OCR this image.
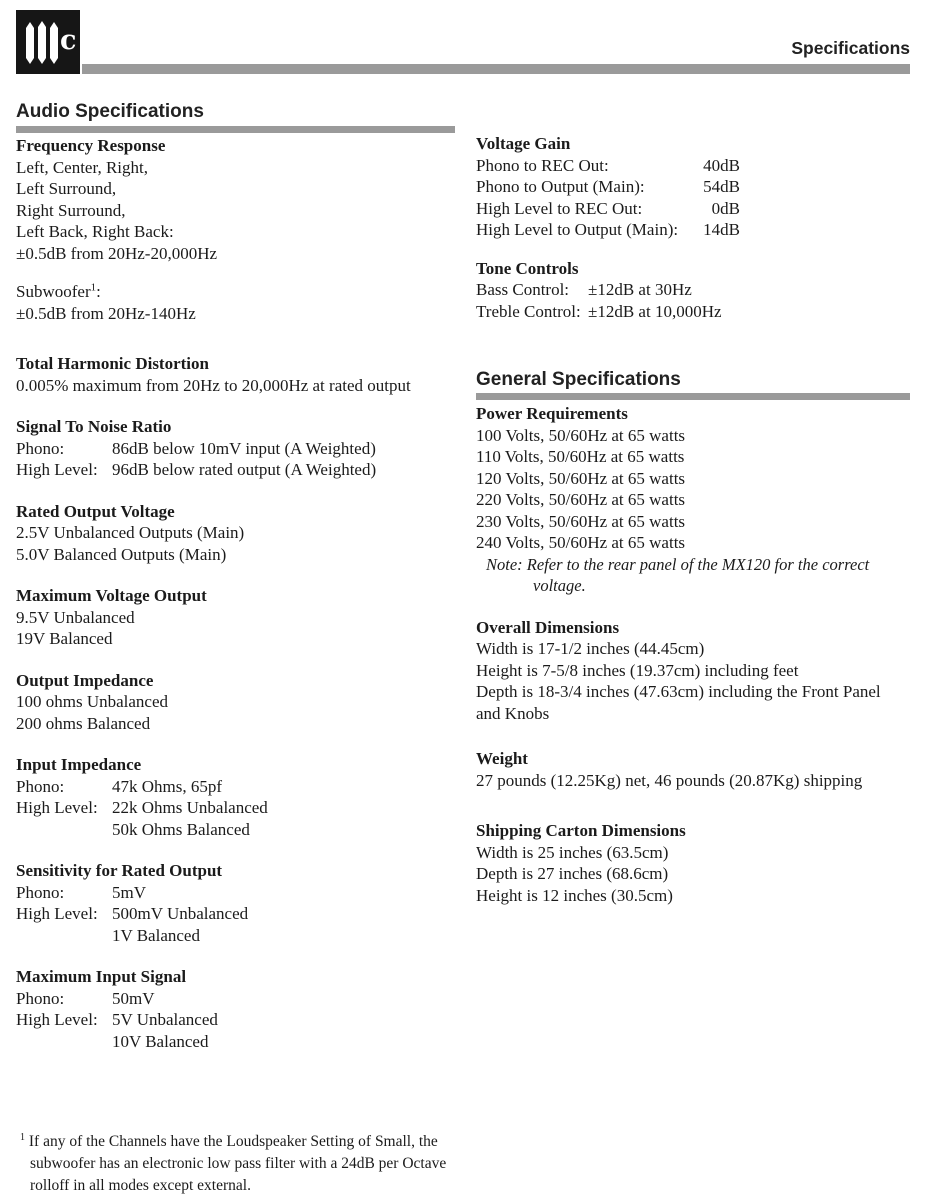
c	Specifications
Audio Specifications
Frequency Response
Left, Center, Right,
Left Surround,
Right Surround,
Left Back, Right Back:
±0.5dB from 20Hz-20,000Hz
Subwoofer$^1$:
±0.5dB from 20Hz-140Hz
Total Harmonic Distortion
0.005% maximum from 20Hz to 20,000Hz at rated output
Signal To Noise Ratio
Phono:	86dB below 10mV input (A Weighted)
High Level: 96dB below rated output (A Weighted)
Rated Output Voltage
2.5V Unbalanced Outputs (Main)
5.0V Balanced Outputs (Main)
Maximum Voltage Output
9.5V Unbalanced
19V Balanced
Output Impedance
100 ohms Unbalanced
200 ohms Balanced
Input Impedance
Phono:	47k Ohms, 65pf
High Level: 22k Ohms Unbalanced
50k Ohms Balanced
Sensitivity for Rated Output
Phono:	5mV
High Level: 500mV Unbalanced
1V Balanced
Maximum Input Signal
Phono:	50mV
High Level: 5V Unbalanced
10V Balanced
Voltage Gain
Phono to REC Out:	40dB
Phono to Output (Main):	54dB
High Level to REC Out:	0dB
High Level to Output (Main): 14dB
Tone Controls
Bass Control:	±12dB at 30Hz
Treble Control: ±12dB at 10,000Hz
General Specifications
Power Requirements
100 Volts, 50/60Hz at 65 watts
110 Volts, 50/60Hz at 65 watts
120 Volts, 50/60Hz at 65 watts
220 Volts, 50/60Hz at 65 watts
230 Volts, 50/60Hz at 65 watts
240 Volts, 50/60Hz at 65 watts
Note: Refer to the rear panel of the MX120 for the correct
voltage.
Overall Dimensions
Width is 17-1/2 inches (44.45cm)
Height is 7-5/8 inches (19.37cm) including feet
Depth is 18-3/4 inches (47.63cm) including the Front Panel
and Knobs
Weight
27 pounds (12.25Kg) net, 46 pounds (20.87Kg) shipping
Shipping Carton Dimensions
Width is 25 inches (63.5cm)
Depth is 27 inches (68.6cm)
Height is 12 inches (30.5cm)
$^1$ If any of the Channels have the Loudspeaker Setting of Small, the
subwoofer has an electronic low pass filter with a 24dB per Octave
rolloff in all modes except external.
